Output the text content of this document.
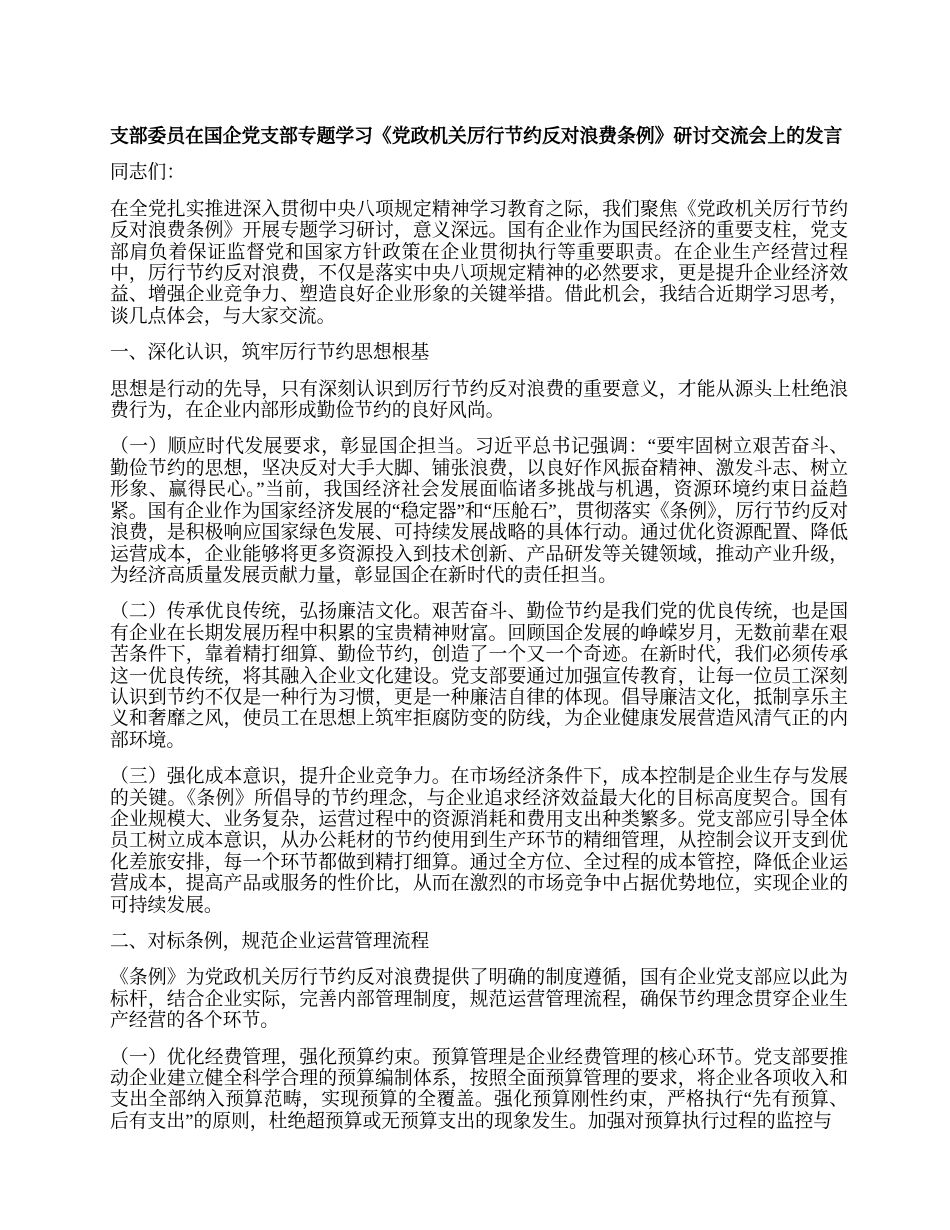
支部委员在国企党支部专题学习《党政机关厉行节约反对浪费条例》研讨交流会上的发言

同志们：

在全党扎实推进深入贯彻中央八项规定精神学习教育之际，我们聚焦《党政机关厉行节约反对浪费条例》开展专题学习研讨，意义深远。国有企业作为国民经济的重要支柱，党支部肩负着保证监督党和国家方针政策在企业贯彻执行等重要职责。在企业生产经营过程中，厉行节约反对浪费，不仅是落实中央八项规定精神的必然要求，更是提升企业经济效益、增强企业竞争力、塑造良好企业形象的关键举措。借此机会，我结合近期学习思考，谈几点体会，与大家交流。

一、深化认识，筑牢厉行节约思想根基

思想是行动的先导，只有深刻认识到厉行节约反对浪费的重要意义，才能从源头上杜绝浪费行为，在企业内部形成勤俭节约的良好风尚。

（一）顺应时代发展要求，彰显国企担当。习近平总书记强调：“要牢固树立艰苦奋斗、勤俭节约的思想，坚决反对大手大脚、铺张浪费，以良好作风振奋精神、激发斗志、树立形象、赢得民心。”当前，我国经济社会发展面临诸多挑战与机遇，资源环境约束日益趋紧。国有企业作为国家经济发展的“稳定器”和“压舱石”，贯彻落实《条例》，厉行节约反对浪费，是积极响应国家绿色发展、可持续发展战略的具体行动。通过优化资源配置、降低运营成本，企业能够将更多资源投入到技术创新、产品研发等关键领域，推动产业升级，为经济高质量发展贡献力量，彰显国企在新时代的责任担当。

（二）传承优良传统，弘扬廉洁文化。艰苦奋斗、勤俭节约是我们党的优良传统，也是国有企业在长期发展历程中积累的宝贵精神财富。回顾国企发展的峥嵘岁月，无数前辈在艰苦条件下，靠着精打细算、勤俭节约，创造了一个又一个奇迹。在新时代，我们必须传承这一优良传统，将其融入企业文化建设。党支部要通过加强宣传教育，让每一位员工深刻认识到节约不仅是一种行为习惯，更是一种廉洁自律的体现。倡导廉洁文化，抵制享乐主义和奢靡之风，使员工在思想上筑牢拒腐防变的防线，为企业健康发展营造风清气正的内部环境。

（三）强化成本意识，提升企业竞争力。在市场经济条件下，成本控制是企业生存与发展的关键。《条例》所倡导的节约理念，与企业追求经济效益最大化的目标高度契合。国有企业规模大、业务复杂，运营过程中的资源消耗和费用支出种类繁多。党支部应引导全体员工树立成本意识，从办公耗材的节约使用到生产环节的精细管理，从控制会议开支到优化差旅安排，每一个环节都做到精打细算。通过全方位、全过程的成本管控，降低企业运营成本，提高产品或服务的性价比，从而在激烈的市场竞争中占据优势地位，实现企业的可持续发展。

二、对标条例，规范企业运营管理流程

《条例》为党政机关厉行节约反对浪费提供了明确的制度遵循，国有企业党支部应以此为标杆，结合企业实际，完善内部管理制度，规范运营管理流程，确保节约理念贯穿企业生产经营的各个环节。

（一）优化经费管理，强化预算约束。预算管理是企业经费管理的核心环节。党支部要推动企业建立健全科学合理的预算编制体系，按照全面预算管理的要求，将企业各项收入和支出全部纳入预算范畴，实现预算的全覆盖。强化预算刚性约束，严格执行“先有预算、后有支出”的原则，杜绝超预算或无预算支出的现象发生。加强对预算执行过程的监控与
